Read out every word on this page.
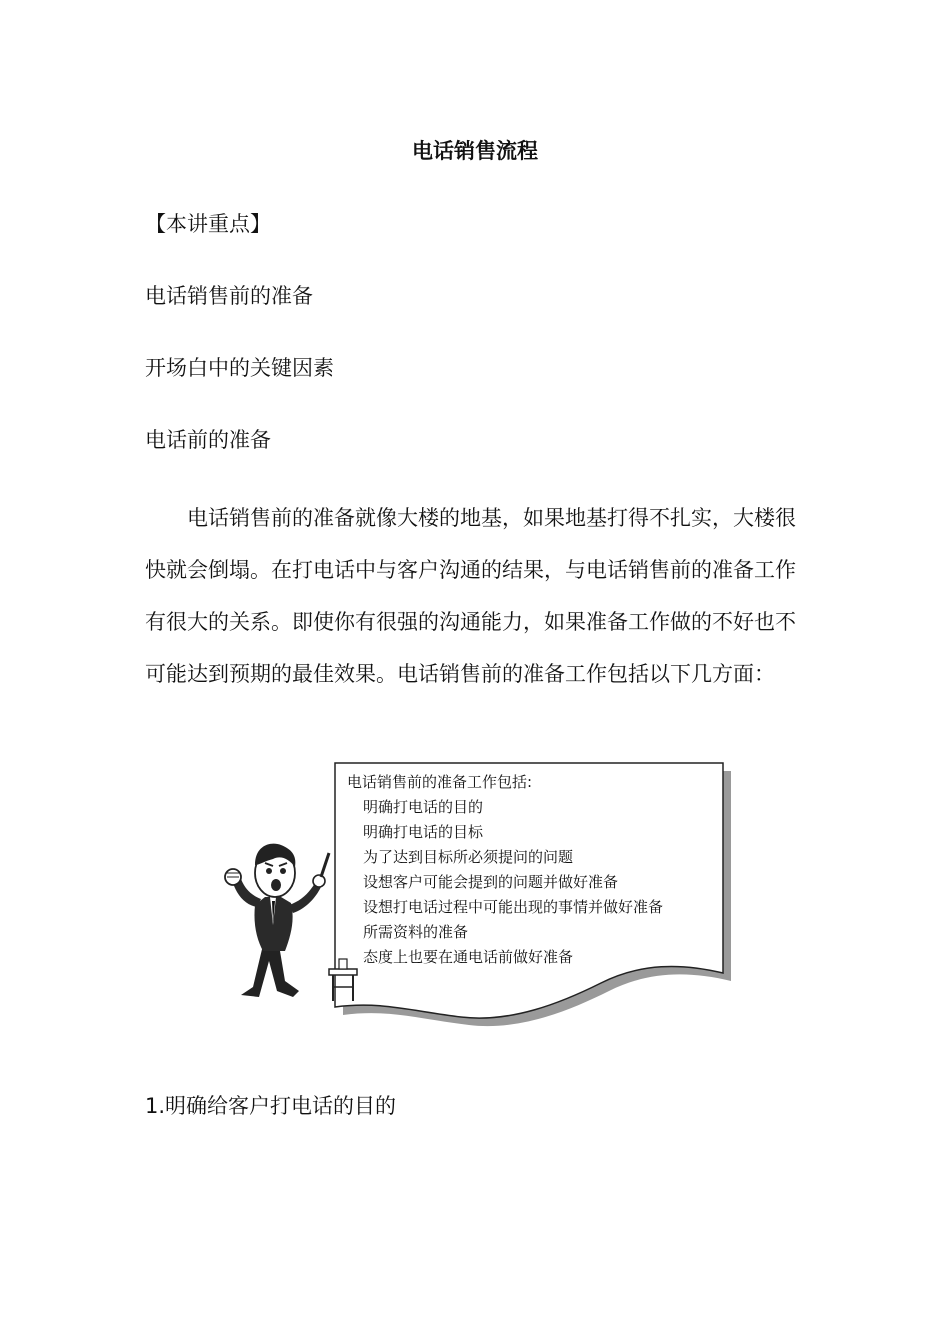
电话销售流程
【本讲重点】
电话销售前的准备
开场白中的关键因素
电话前的准备

电话销售前的准备就像大楼的地基，如果地基打得不扎实，大楼很快就会倒塌。在打电话中与客户沟通的结果，与电话销售前的准备工作有很大的关系。即使你有很强的沟通能力，如果准备工作做的不好也不可能达到预期的最佳效果。电话销售前的准备工作包括以下几方面：

电话销售前的准备工作包括:
明确打电话的目的
明确打电话的目标
为了达到目标所必须提问的问题
设想客户可能会提到的问题并做好准备
设想打电话过程中可能出现的事情并做好准备
所需资料的准备
态度上也要在通电话前做好准备
1.明确给客户打电话的目的
